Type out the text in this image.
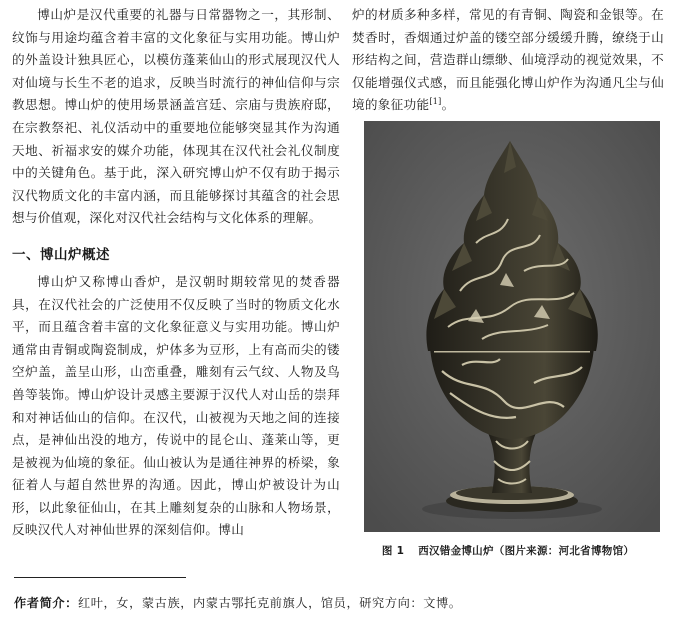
博山炉是汉代重要的礼器与日常器物之一，其形制、纹饰与用途均蕴含着丰富的文化象征与实用功能。博山炉的外盖设计独具匠心，以模仿蓬莱仙山的形式展现汉代人对仙境与长生不老的追求，反映当时流行的神仙信仰与宗教思想。博山炉的使用场景涵盖宫廷、宗庙与贵族府邸，在宗教祭祀、礼仪活动中的重要地位能够突显其作为沟通天地、祈福求安的媒介功能，体现其在汉代社会礼仪制度中的关键角色。基于此，深入研究博山炉不仅有助于揭示汉代物质文化的丰富内涵，而且能够探讨其蕴含的社会思想与价值观，深化对汉代社会结构与文化体系的理解。

一、博山炉概述

博山炉又称博山香炉，是汉朝时期较常见的焚香器具，在汉代社会的广泛使用不仅反映了当时的物质文化水平，而且蕴含着丰富的文化象征意义与实用功能。博山炉通常由青铜或陶瓷制成，炉体多为豆形，上有高而尖的镂空炉盖，盖呈山形，山峦重叠，雕刻有云气纹、人物及鸟兽等装饰。博山炉设计灵感主要源于汉代人对山岳的崇拜和对神话仙山的信仰。在汉代，山被视为天地之间的连接点，是神仙出没的地方，传说中的昆仑山、蓬莱山等，更是被视为仙境的象征。仙山被认为是通往神界的桥梁，象征着人与超自然世界的沟通。因此，博山炉被设计为山形，以此象征仙山，在其上雕刻复杂的山脉和人物场景，反映汉代人对神仙世界的深刻信仰。博山

炉的材质多种多样，常见的有青铜、陶瓷和金银等。在焚香时，香烟通过炉盖的镂空部分缓缓升腾，缭绕于山形结构之间，营造群山缥缈、仙境浮动的视觉效果，不仅能增强仪式感，而且能强化博山炉作为沟通凡尘与仙境的象征功能[1]。

图 1 西汉错金博山炉（图片来源：河北省博物馆）
作者简介：红叶，女，蒙古族，内蒙古鄂托克前旗人，馆员，研究方向：文博。
